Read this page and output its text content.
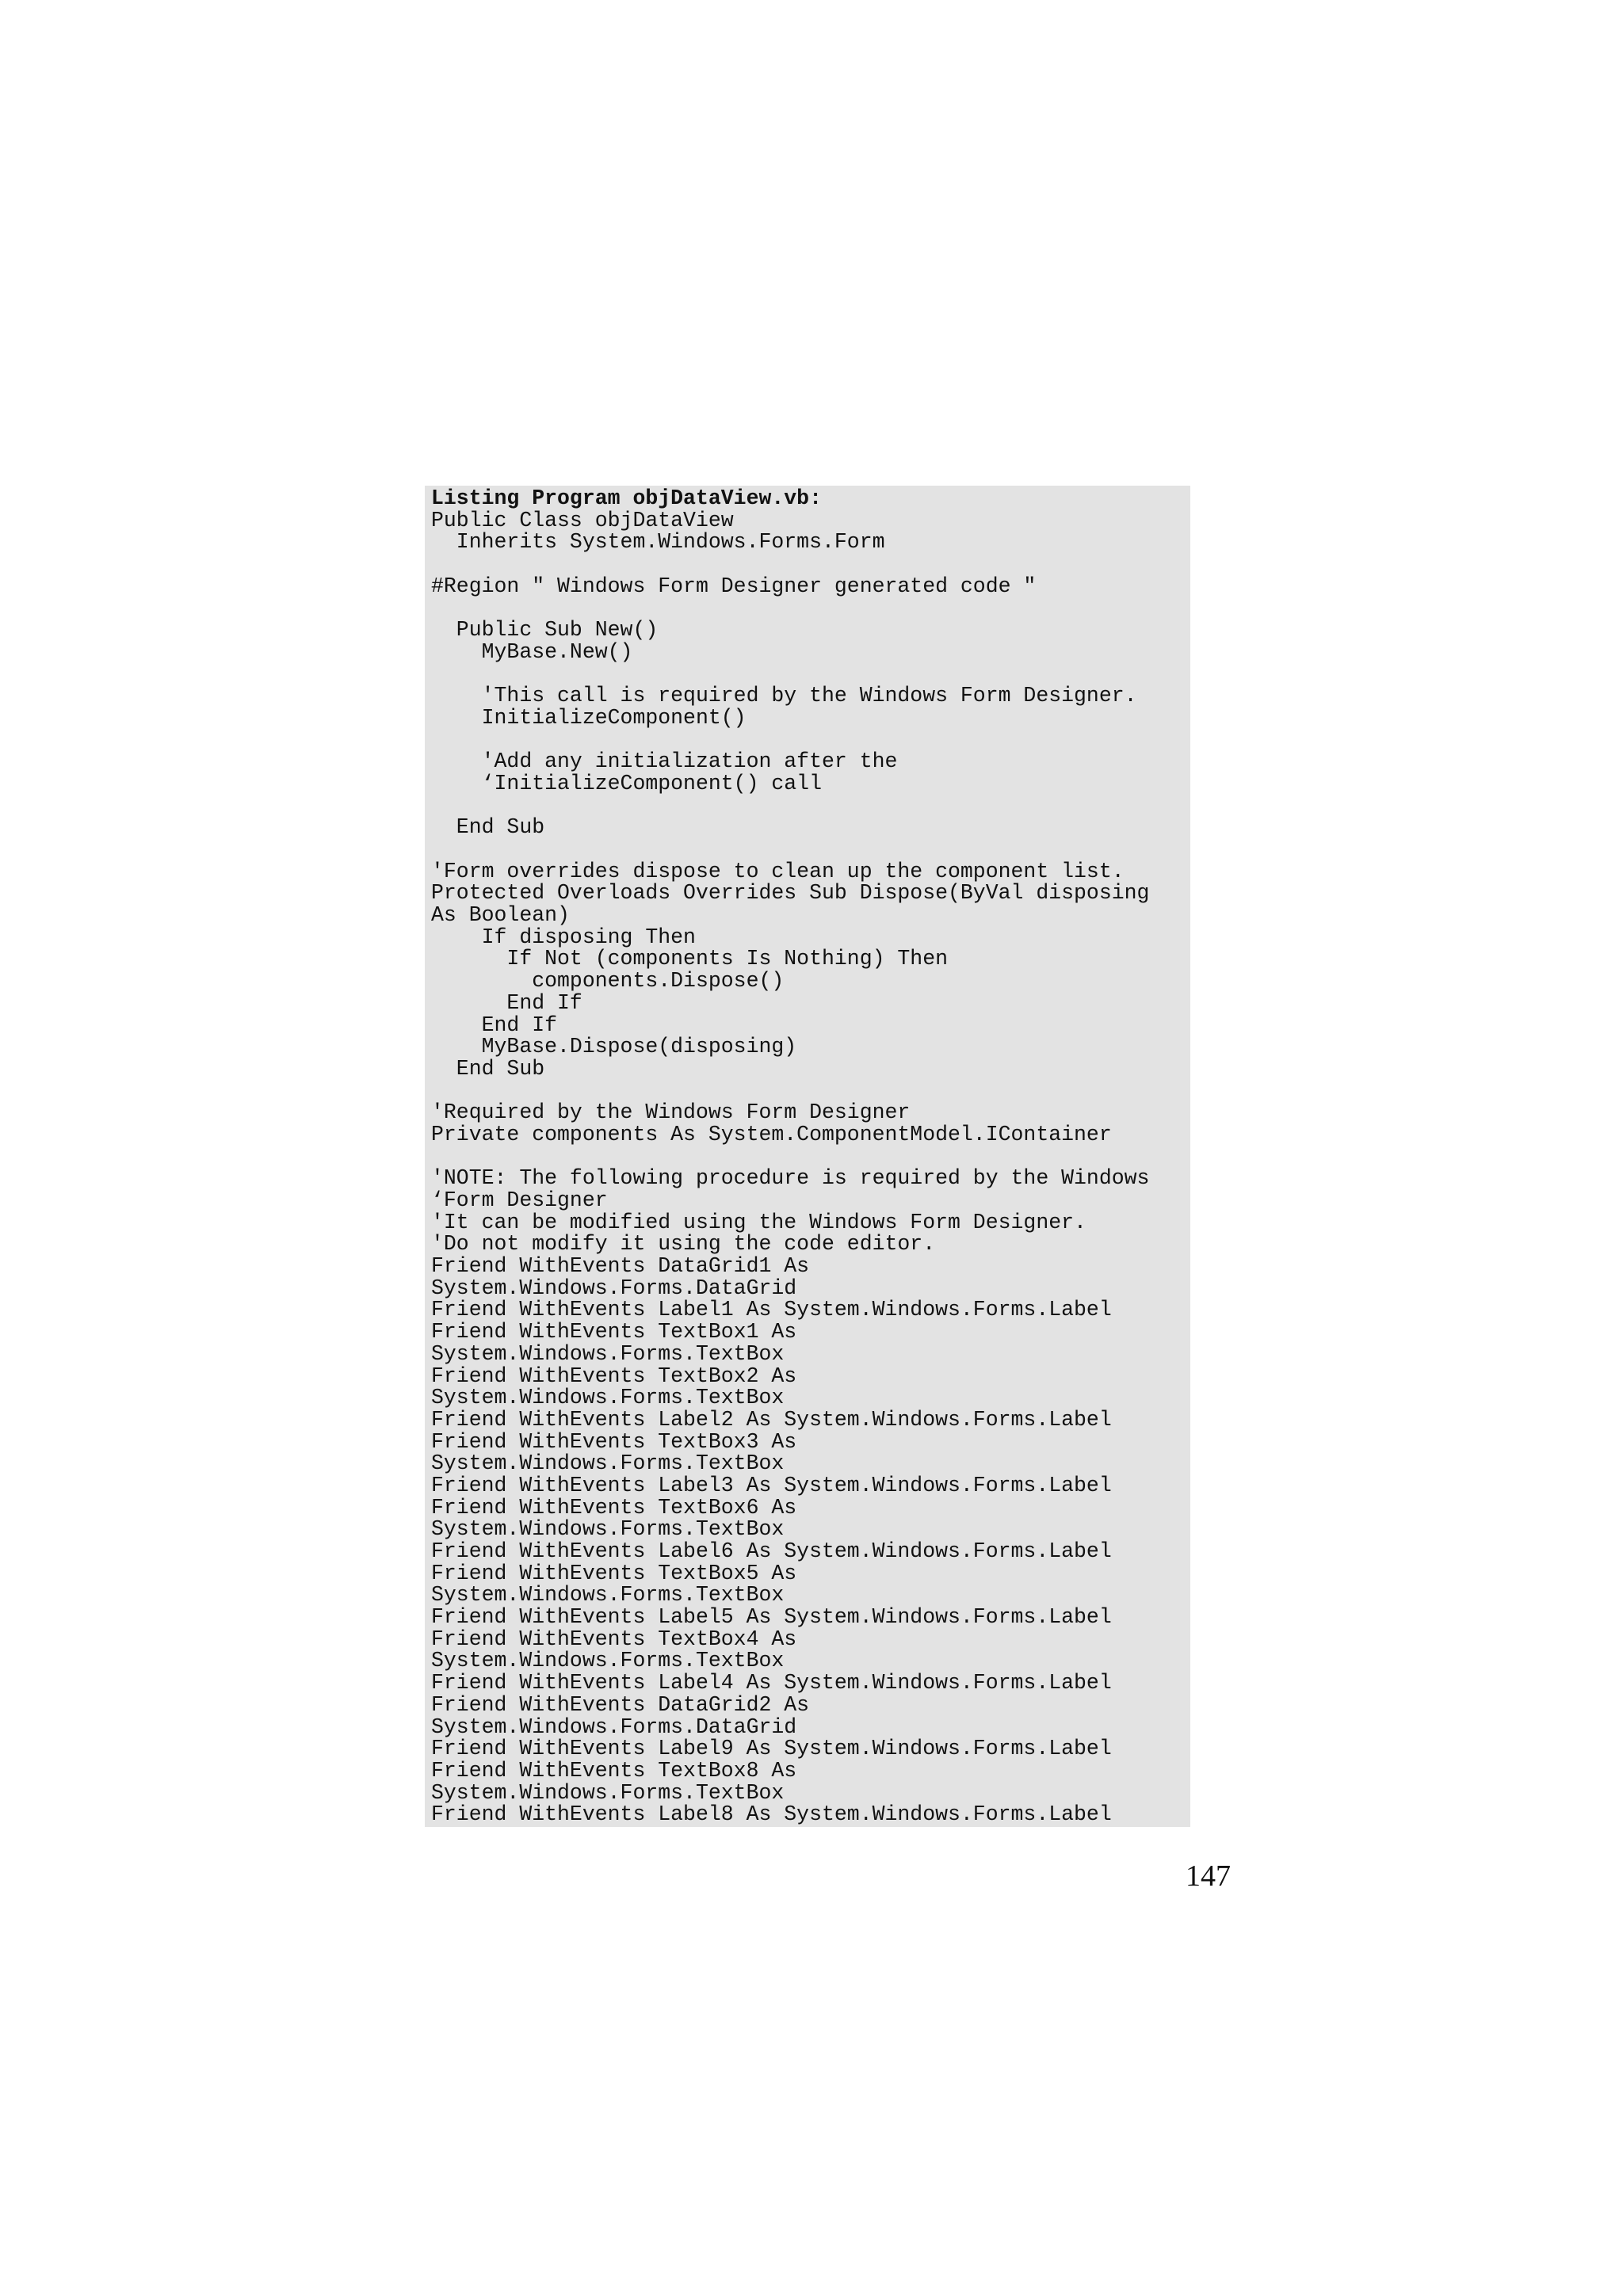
Listing Program objDataView.vb:
Public Class objDataView
Inherits System.Windows.Forms.Form
#Region " Windows Form Designer generated code "
Public Sub New()
MyBase.New()
'This call is required by the Windows Form Designer.
InitializeComponent()
'Add any initialization after the
‘InitializeComponent() call
End Sub
'Form overrides dispose to clean up the component list.
Protected Overloads Overrides Sub Dispose(ByVal disposing
As Boolean)
If disposing Then
If Not (components Is Nothing) Then
components.Dispose()
End If
End If
MyBase.Dispose(disposing)
End Sub
'Required by the Windows Form Designer
Private components As System.ComponentModel.IContainer
'NOTE: The following procedure is required by the Windows
‘Form Designer
'It can be modified using the Windows Form Designer.
'Do not modify it using the code editor.
Friend WithEvents DataGrid1 As
System.Windows.Forms.DataGrid
Friend WithEvents Label1 As System.Windows.Forms.Label
Friend WithEvents TextBox1 As
System.Windows.Forms.TextBox
Friend WithEvents TextBox2 As
System.Windows.Forms.TextBox
Friend WithEvents Label2 As System.Windows.Forms.Label
Friend WithEvents TextBox3 As
System.Windows.Forms.TextBox
Friend WithEvents Label3 As System.Windows.Forms.Label
Friend WithEvents TextBox6 As
System.Windows.Forms.TextBox
Friend WithEvents Label6 As System.Windows.Forms.Label
Friend WithEvents TextBox5 As
System.Windows.Forms.TextBox
Friend WithEvents Label5 As System.Windows.Forms.Label
Friend WithEvents TextBox4 As
System.Windows.Forms.TextBox
Friend WithEvents Label4 As System.Windows.Forms.Label
Friend WithEvents DataGrid2 As
System.Windows.Forms.DataGrid
Friend WithEvents Label9 As System.Windows.Forms.Label
Friend WithEvents TextBox8 As
System.Windows.Forms.TextBox
Friend WithEvents Label8 As System.Windows.Forms.Label
147
